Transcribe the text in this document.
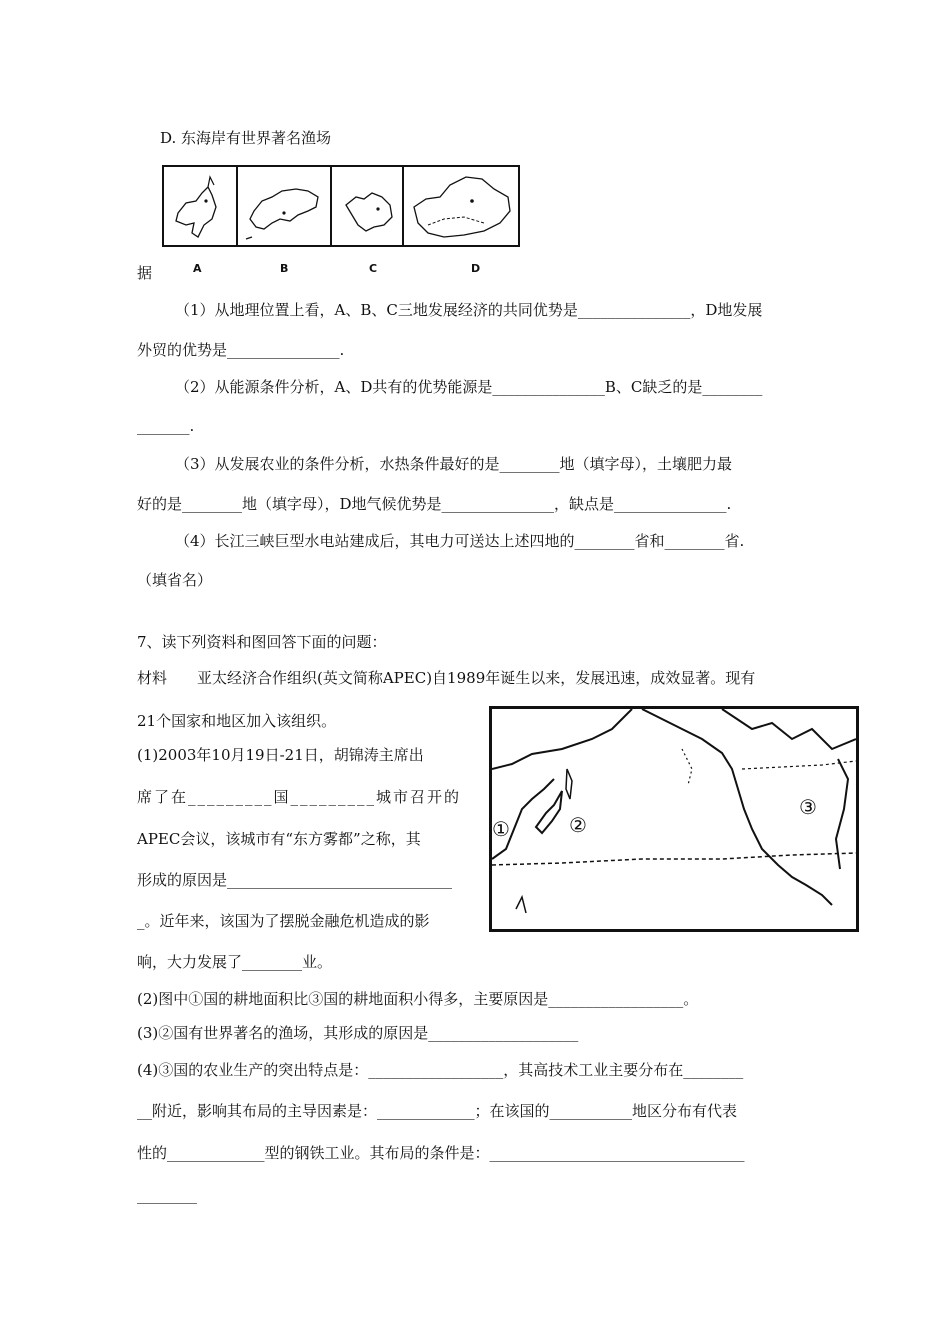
D. 东海岸有世界著名渔场
A	B	C	D
据
（1）从地理位置上看，A、B、C三地发展经济的共同优势是_______________，D地发展
外贸的优势是_______________.
（2）从能源条件分析，A、D共有的优势能源是_______________B、C缺乏的是________
_______.
（3）从发展农业的条件分析，水热条件最好的是________地（填字母），土壤肥力最
好的是________地（填字母），D地气候优势是_______________，缺点是_______________.
（4）长江三峡巨型水电站建成后，其电力可送达上述四地的________省和________省.
（填省名）
7、读下列资料和图回答下面的问题：
材料　　亚太经济合作组织(英文简称APEC)自1989年诞生以来，发展迅速，成效显著。现有
21个国家和地区加入该组织。
(1)2003年10月19日-21日，胡锦涛主席出
席了在_________国_________城市召开的
APEC会议，该城市有“东方雾都”之称，其
形成的原因是______________________________
_。近年来，该国为了摆脱金融危机造成的影
响，大力发展了________业。
①	②
③
(2)图中①国的耕地面积比③国的耕地面积小得多，主要原因是__________________。
(3)②国有世界著名的渔场，其形成的原因是____________________
(4)③国的农业生产的突出特点是：__________________，其高技术工业主要分布在________
__附近，影响其布局的主导因素是：_____________；在该国的___________地区分布有代表
性的_____________型的钢铁工业。其布局的条件是：__________________________________
________
